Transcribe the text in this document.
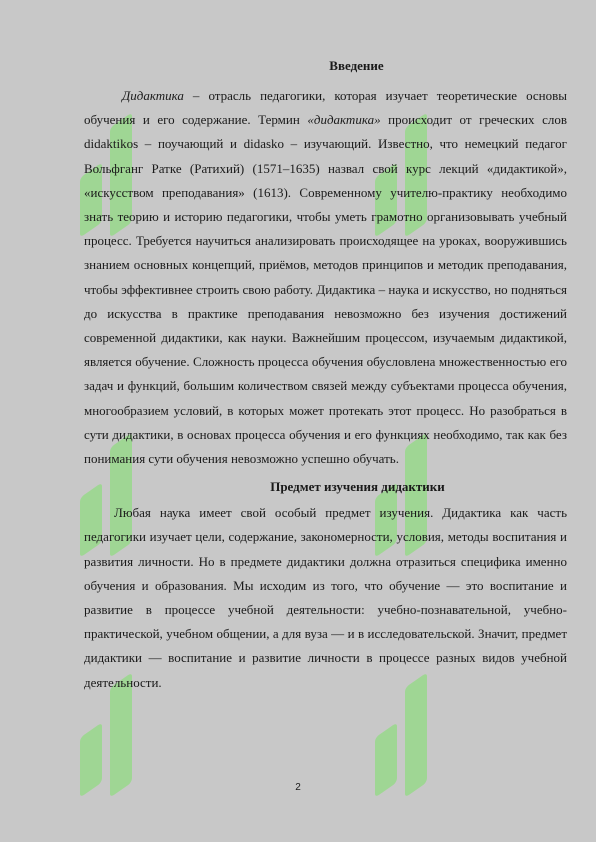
Введение

Дидактика – отрасль педагогики, которая изучает теоретические основы обучения и его содержание. Термин «дидактика» происходит от греческих слов didaktikos – поучающий и didasko – изучающий. Известно, что немецкий педагог Вольфганг Ратке (Ратихий) (1571–1635) назвал свой курс лекций «дидактикой», «искусством преподавания» (1613). Современному учителю-практику необходимо знать теорию и историю педагогики, чтобы уметь грамотно организовывать учебный процесс. Требуется научиться анализировать происходящее на уроках, вооружившись знанием основных концепций, приёмов, методов принципов и методик преподавания, чтобы эффективнее строить свою работу. Дидактика – наука и искусство, но подняться до искусства в практике преподавания невозможно без изучения достижений современной дидактики, как науки. Важнейшим процессом, изучаемым дидактикой, является обучение. Сложность процесса обучения обусловлена множественностью его задач и функций, большим количеством связей между субъектами процесса обучения, многообразием условий, в которых может протекать этот процесс. Но разобраться в сути дидактики, в основах процесса обучения и его функциях необходимо, так как без понимания сути обучения невозможно успешно обучать.

Предмет изучения дидактики

Любая наука имеет свой особый предмет изучения. Дидактика как часть педагогики изучает цели, содержание, закономерности, условия, методы воспитания и развития личности. Но в предмете дидактики должна отразиться специфика именно обучения и образования. Мы исходим из того, что обучение — это воспитание и развитие в процессе учебной деятельности: учебно-познавательной, учебно-практической, учебном общении, а для вуза — и в исследовательской. Значит, предмет дидактики — воспитание и развитие личности в процессе разных видов учебной деятельности.

2
